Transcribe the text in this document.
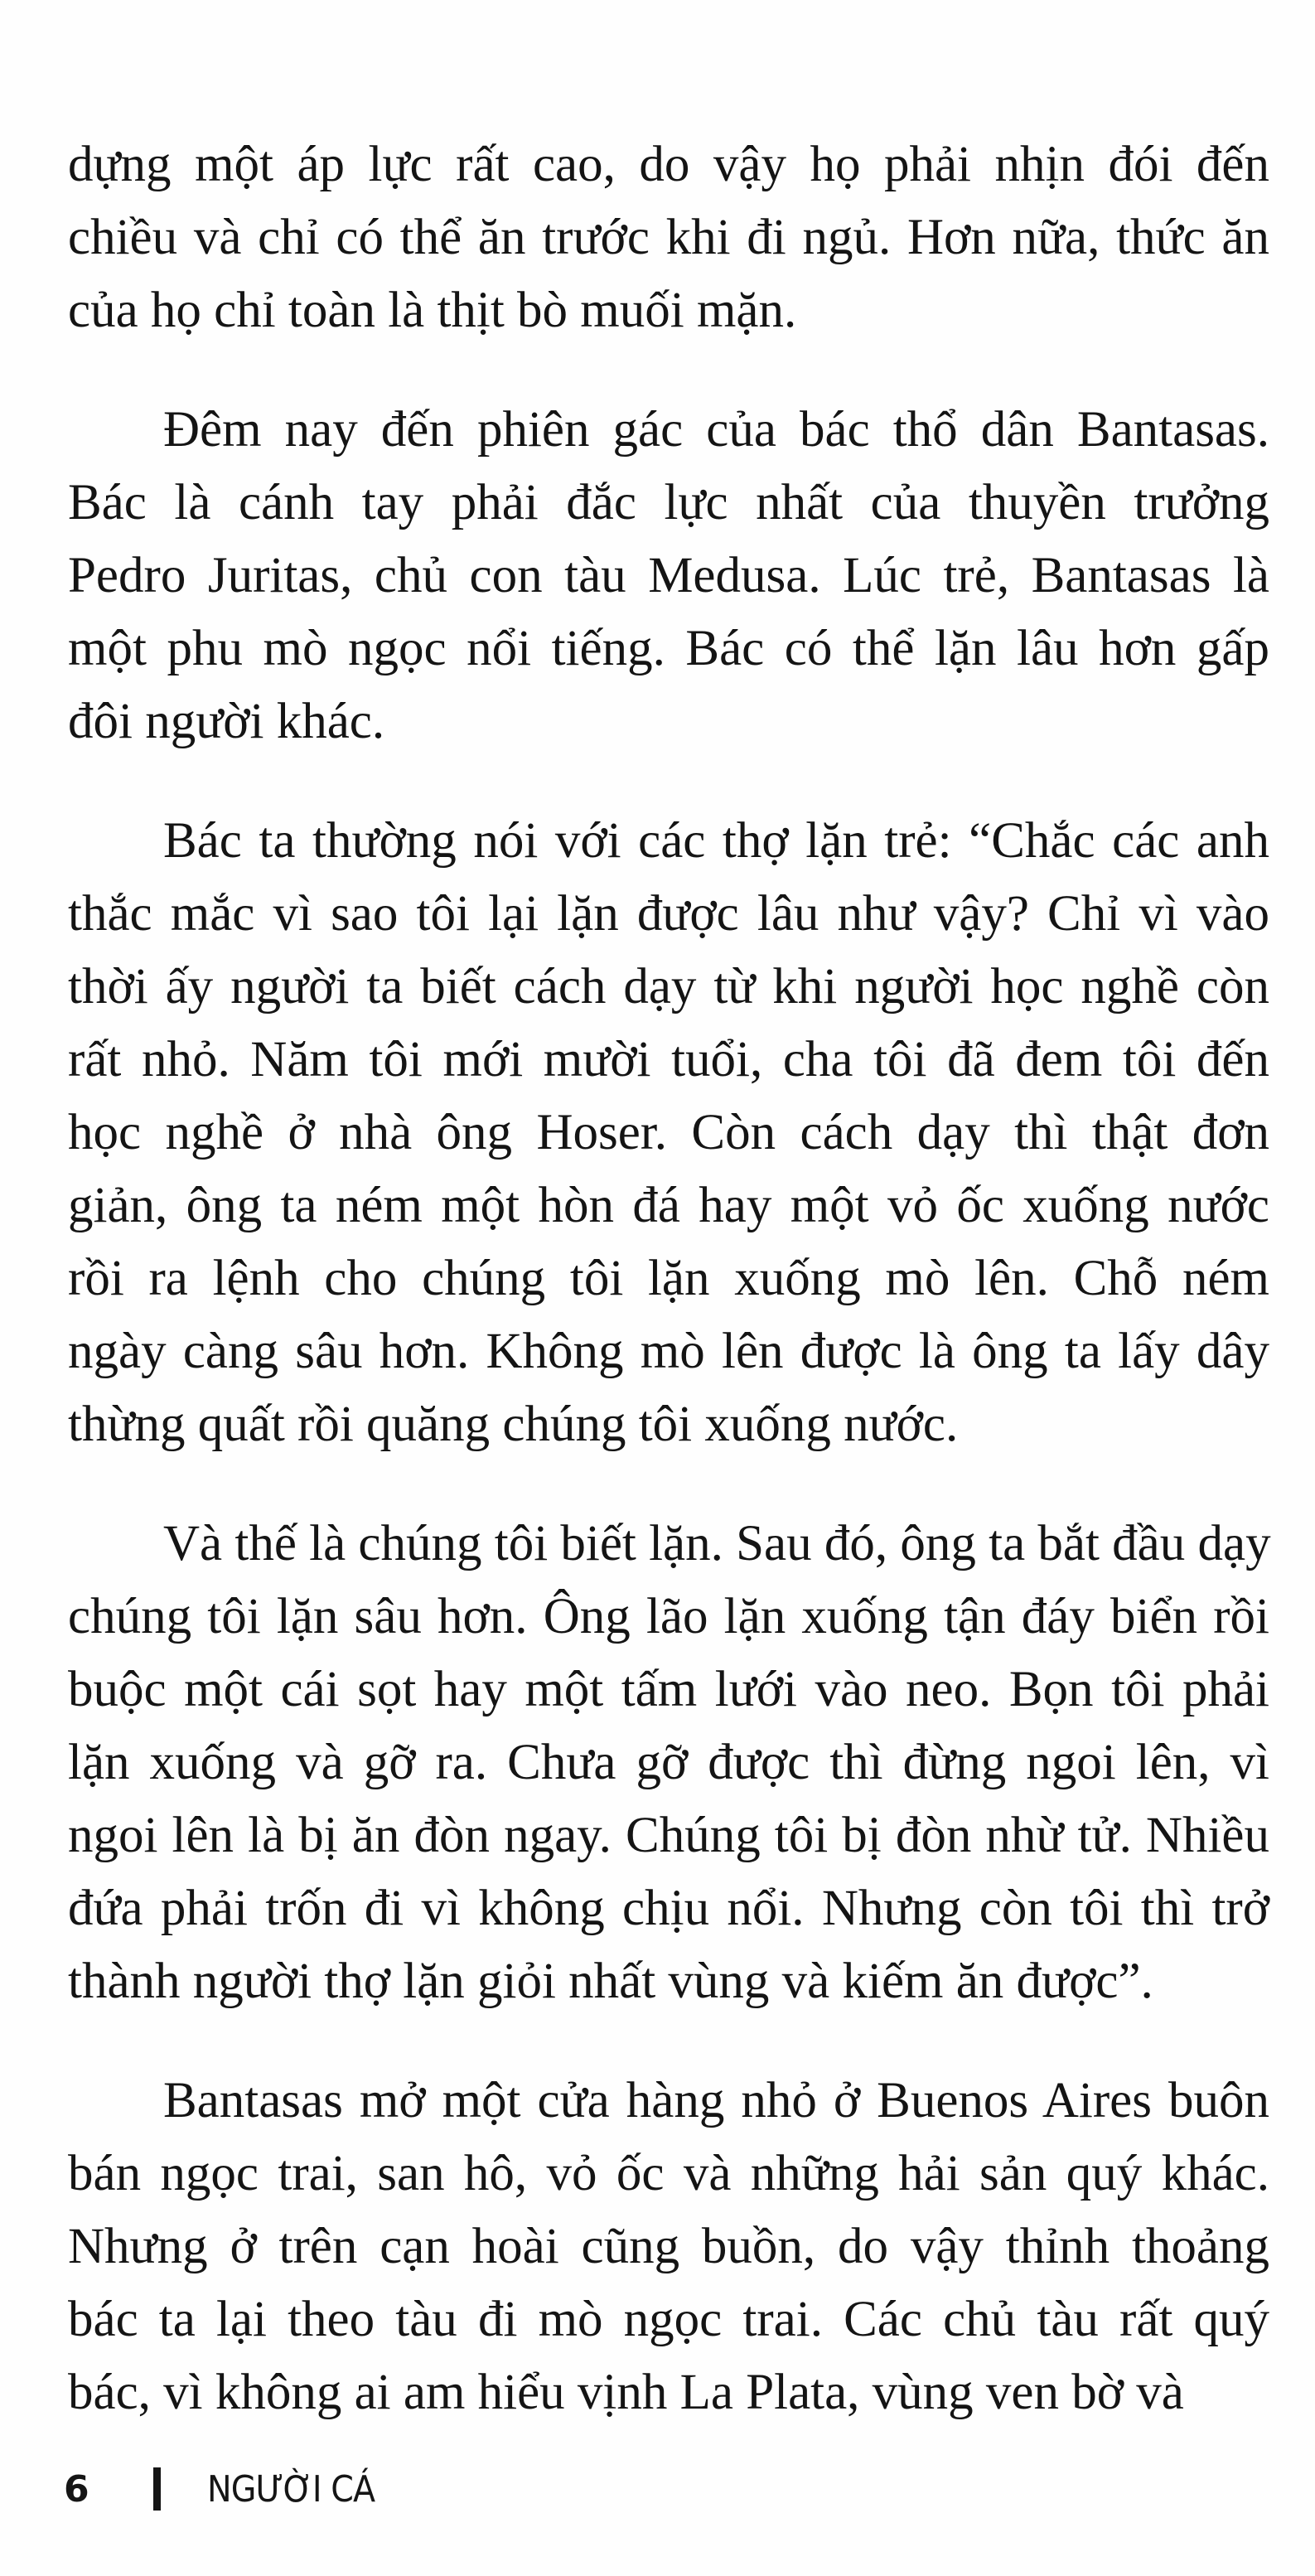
dựng một áp lực rất cao, do vậy họ phải nhịn đói đến
chiều và chỉ có thể ăn trước khi đi ngủ. Hơn nữa, thức ăn
của họ chỉ toàn là thịt bò muối mặn.
Đêm nay đến phiên gác của bác thổ dân Bantasas.
Bác là cánh tay phải đắc lực nhất của thuyền trưởng
Pedro Juritas, chủ con tàu Medusa. Lúc trẻ, Bantasas là
một phu mò ngọc nổi tiếng. Bác có thể lặn lâu hơn gấp
đôi người khác.
Bác ta thường nói với các thợ lặn trẻ: “Chắc các anh
thắc mắc vì sao tôi lại lặn được lâu như vậy? Chỉ vì vào
thời ấy người ta biết cách dạy từ khi người học nghề còn
rất nhỏ. Năm tôi mới mười tuổi, cha tôi đã đem tôi đến
học nghề ở nhà ông Hoser. Còn cách dạy thì thật đơn
giản, ông ta ném một hòn đá hay một vỏ ốc xuống nước
rồi ra lệnh cho chúng tôi lặn xuống mò lên. Chỗ ném
ngày càng sâu hơn. Không mò lên được là ông ta lấy dây
thừng quất rồi quăng chúng tôi xuống nước.
Và thế là chúng tôi biết lặn. Sau đó, ông ta bắt đầu dạy
chúng tôi lặn sâu hơn. Ông lão lặn xuống tận đáy biển rồi
buộc một cái sọt hay một tấm lưới vào neo. Bọn tôi phải
lặn xuống và gỡ ra. Chưa gỡ được thì đừng ngoi lên, vì
ngoi lên là bị ăn đòn ngay. Chúng tôi bị đòn nhừ tử. Nhiều
đứa phải trốn đi vì không chịu nổi. Nhưng còn tôi thì trở
thành người thợ lặn giỏi nhất vùng và kiếm ăn được”.
Bantasas mở một cửa hàng nhỏ ở Buenos Aires buôn
bán ngọc trai, san hô, vỏ ốc và những hải sản quý khác.
Nhưng ở trên cạn hoài cũng buồn, do vậy thỉnh thoảng
bác ta lại theo tàu đi mò ngọc trai. Các chủ tàu rất quý
bác, vì không ai am hiểu vịnh La Plata, vùng ven bờ và
6	NGƯỜI CÁ
